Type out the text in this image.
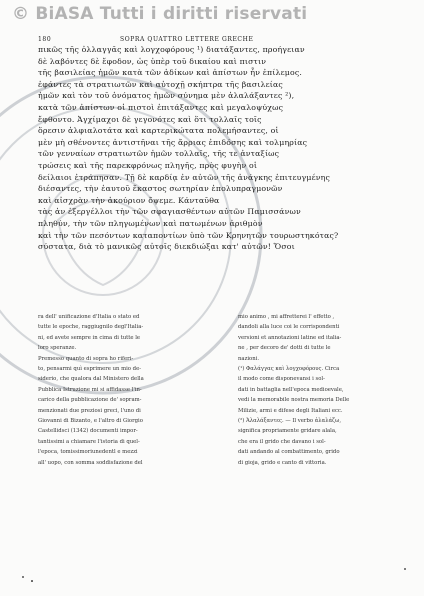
© BiASA Tutti i diritti riservati
180	SOPRA QUATTRO LETTERE GRECHE
πικῶς τῆς ὀλλαγγᾶς καὶ λογχοφόρους ¹) διατάξαντες, προήγειαν
δὲ λαβόντες δὲ ἔφοδον, ὡς ὑπὲρ τοῦ δικαίου καὶ πιστιν
τῆς βασιλείας ἡμῶν κατὰ τῶν ἀδίκων καὶ ἀπίστων ἦν ἐπίλεμος.
ἐφάντες τὰ στρατιωτῶν καὶ αὐτοχῇ σκήπτρα τῆς βασιλείας
ἡμῶν καὶ τὸν τοῦ ὀνόματος ἡμῶν σύνημα μὲν ἀλαλάξαντες ²),
κατὰ τῶν ἀπίστων οἱ πιστοὶ ἐπιτάξαντες καὶ μεγαλοψύχως
ἔφθοντο. Ἀγχίμαχοι δὲ γεγονότες καὶ ὅτι τολλαῖς τοῖς
ὅρεσιν ἀλφιαλοτάτα καὶ καρτερικώτατα πολεμήσαντες, οἱ
μὲν μὴ σθένοντες ἀντιστῆναι τῆς ἄρριας ἐπιδόσης καὶ τολμηρίας
τῶν γενναίων στρατιωτῶν ἡμῶν τολλαῖς, τῆς τε ἀνταξίως
τρώσεις καὶ τῆς παρεκφρόνως πληγῆς, πρὸς φυγὴν οἱ
δείλαιοι ἐτράπησαν. Τῇ δὲ καρδίᾳ ἐν αὐτῶν τῆς ἀνάγκης ἐπιτευγμένης
διέσαντες, τὴν ἑαυτοῦ ἕκαστος σωτηρίαν ἐπολυπραγμονῶν
καὶ αἰσχρὰν τὴν ἀκούριον ὄψεμε. Κάνταῦθα
τὰς ἀν ἐξεργέλλοι τὴν τῶν σφαγιασθέντων αὐτῶν Παμισσάνων
πληθύν, τὴν τῶν πληγωμένων καὶ πατωμένων ἀριθμὸν
καὶ τὴν τῶν πεσόντων καταποντίων ὑπὸ τῶν Κρηνητῶν τουρωστηκότας?
σύστατα, διὰ τὸ μανικῶς αὐτοῖς διεκδιώξαι κατ' αὐτῶν! Ὅσοι
ra dell' unificazione d'Italia o stato ed
tutte le epoche, raggiugnilo degl'Italia-
ni, ed avete sempre in cima di tutte le
loro speranze.
Premesso quanto di sopra ho riferi-
to, pensarmi quì esprimere un mio de-
siderio, che qualora dal Ministero della
Pubblica Istruzione mi si affidasse l'in-
carico della pubblicazione de' sopram-
menzionati due preziosi greci, l'uno di
Giovanni di Bizanto, e l'altro di Giorgio
Castellidsci (1342) documenti impor-
tantissimi a chiamare l'istoria di quel-
l'epoca, tomissimoriunedentl e mezzi
all' uopo, con somma soddisfazione del
mio animo , mi affretterei l' effetto ,
dandoli alla luce coi le corrispondenti
versioni et annotazioni latine ed italia-
ne , per decoro de' dotti di tutte le
nazioni.
(¹) Φαλάγγας καὶ λογχοφόρους. Circa
il modo come disponevansi i sol-
dati in battaglia nell'epoca medioevale,
vedi la memorabile nostra memoria Delle
Milizie, armi e difese degli Italiani ecc.
(²) Ἀλαλάξαντες. — Il verbo ἀλαλάζω,
significa propriamente gridare alala,
che era il grido che davano i sol-
dati andando al combattimento, grido
di gioja, grido e canto di vittoria.
